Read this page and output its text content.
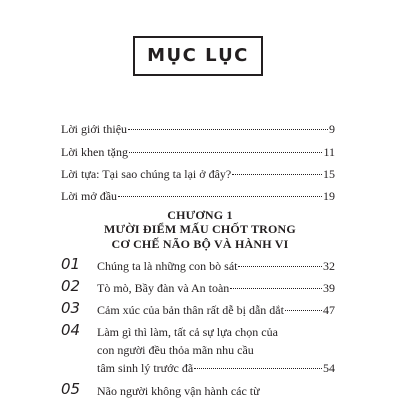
MỤC LỤC
Lời giới thiệu	9
Lời khen tặng	11
Lời tựa: Tại sao chúng ta lại ở đây?	15
Lời mở đầu	19
CHƯƠNG 1
MƯỜI ĐIỂM MẤU CHỐT TRONG
CƠ CHẾ NÃO BỘ VÀ HÀNH VI
01 Chúng ta là những con bò sát	32
02 Tò mò, Bầy đàn và An toàn	39
03 Cảm xúc của bản thân rất dễ bị dẫn dắt	47
04 Làm gì thì làm, tất cả sự lựa chọn của
con người đều thỏa mãn nhu cầu
tâm sinh lý trước đã	54
05 Não người không vận hành các từ
